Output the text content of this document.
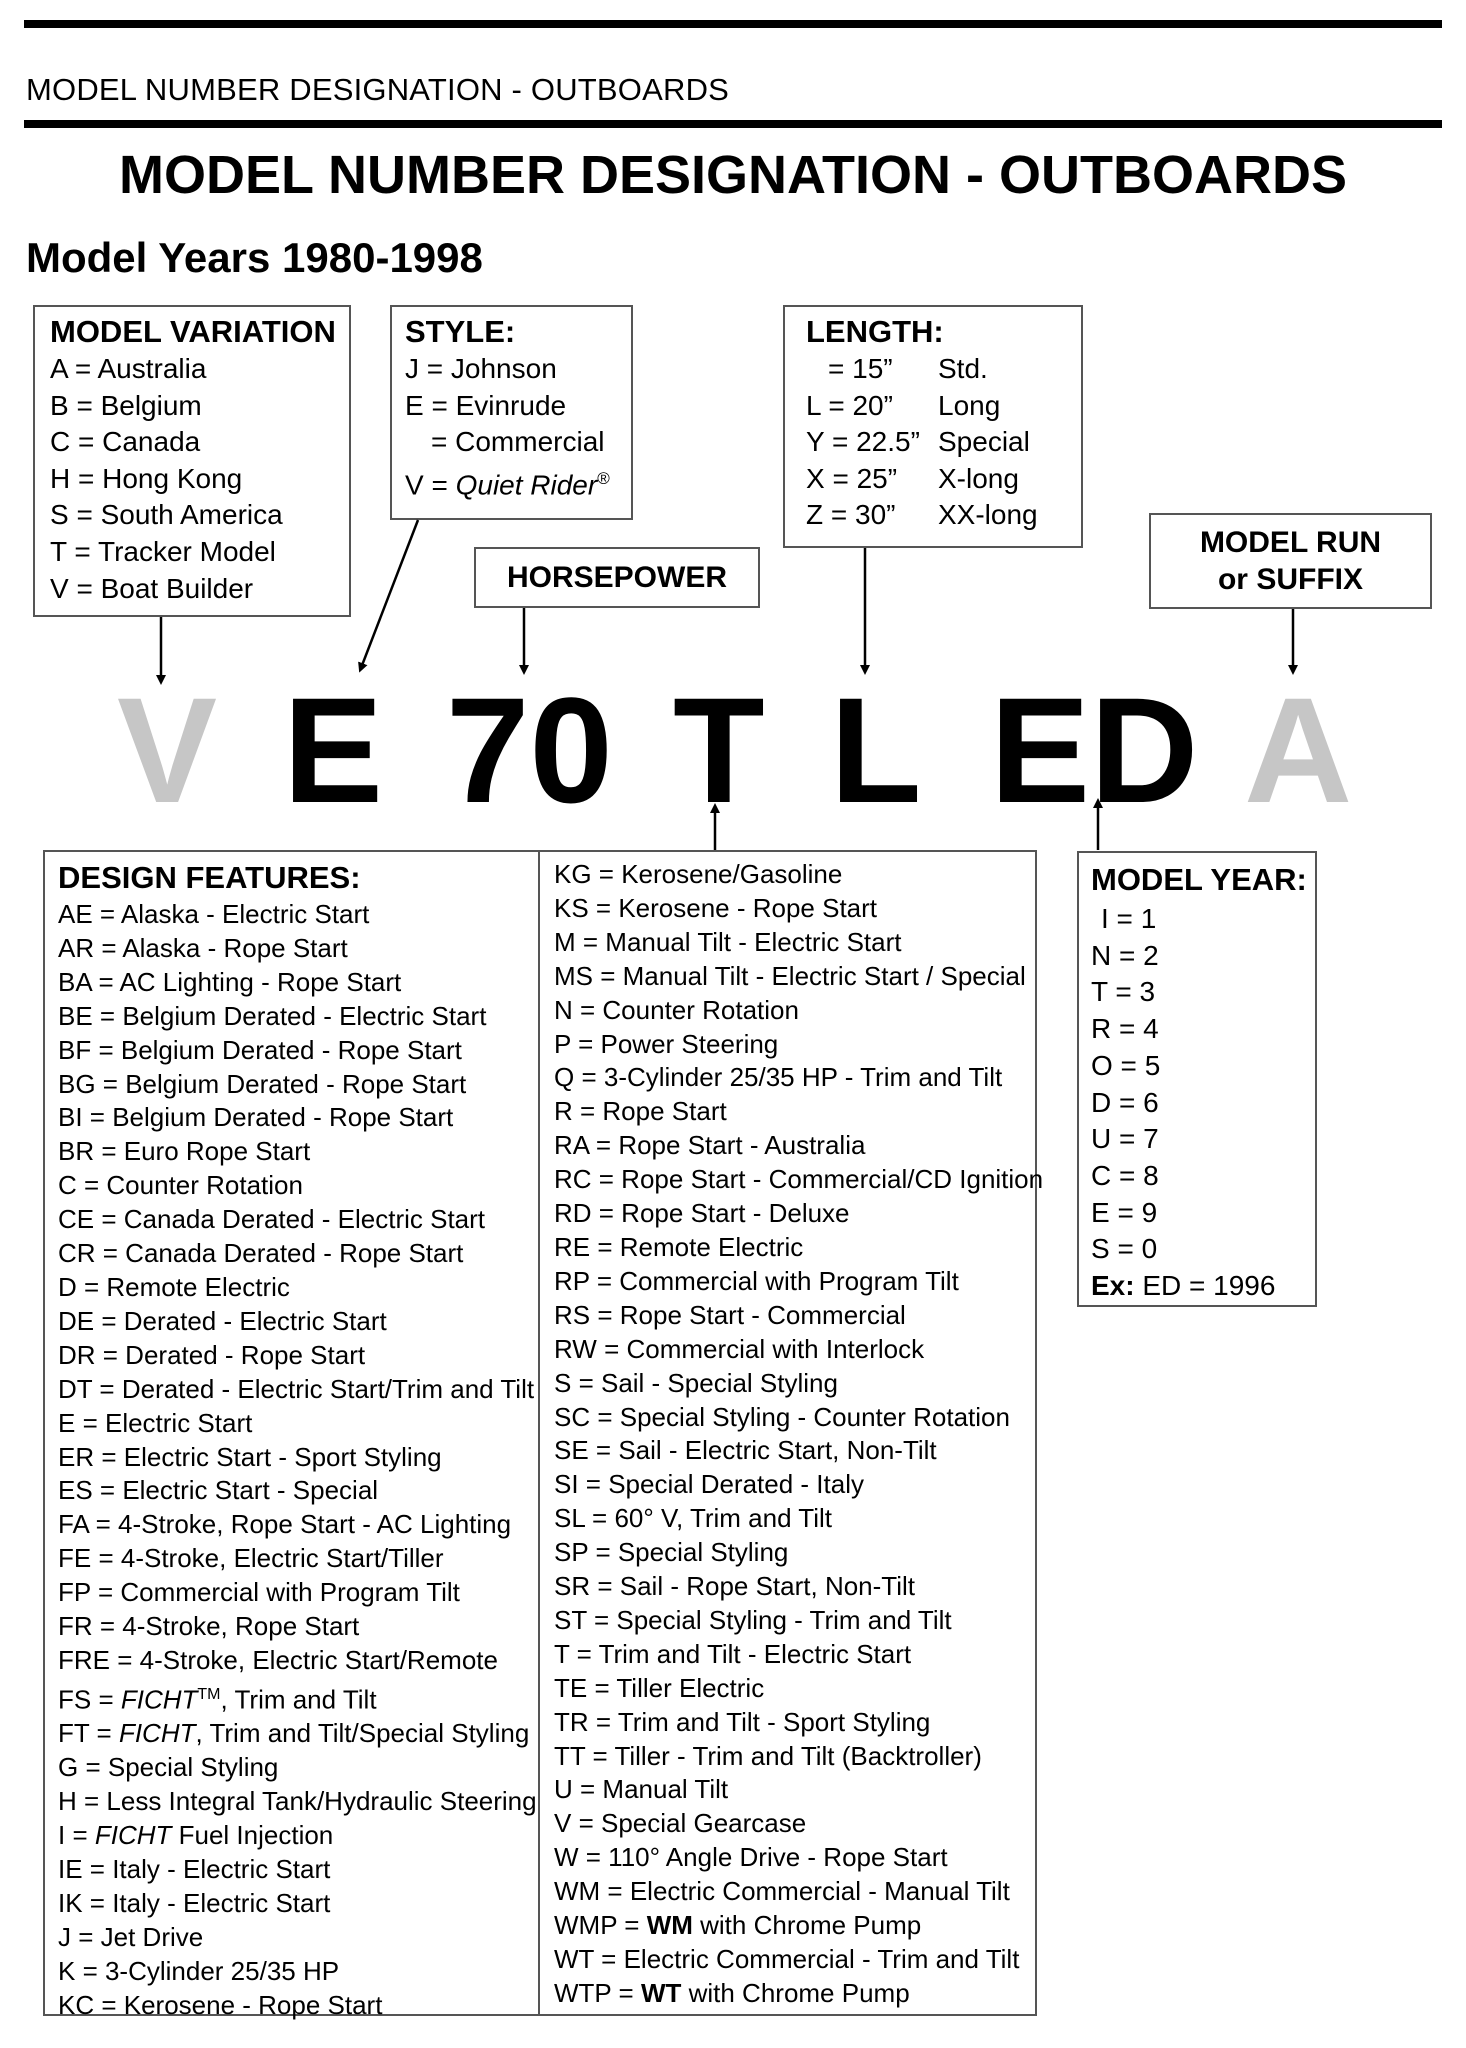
MODEL NUMBER DESIGNATION - OUTBOARDS
MODEL NUMBER DESIGNATION - OUTBOARDS
Model Years 1980-1998
MODEL VARIATION
A = Australia
B = Belgium
C = Canada
H = Hong Kong
S = South America
T = Tracker Model
V = Boat Builder
STYLE:
J = Johnson
E = Evinrude
= Commercial
V = Quiet Rider®
LENGTH:
= 15”	Std.
L = 20”	Long
Y = 22.5” Special
X = 25”	X-long
Z = 30”	XX-long
HORSEPOWER
MODEL RUN
or SUFFIX
V E 70 T L ED A
DESIGN FEATURES:
AE = Alaska - Electric Start
AR = Alaska - Rope Start
BA = AC Lighting - Rope Start
BE = Belgium Derated - Electric Start
BF = Belgium Derated - Rope Start
BG = Belgium Derated - Rope Start
BI = Belgium Derated - Rope Start
BR = Euro Rope Start
C = Counter Rotation
CE = Canada Derated - Electric Start
CR = Canada Derated - Rope Start
D = Remote Electric
DE = Derated - Electric Start
DR = Derated - Rope Start
DT = Derated - Electric Start/Trim and Tilt
E = Electric Start
ER = Electric Start - Sport Styling
ES = Electric Start - Special
FA = 4-Stroke, Rope Start - AC Lighting
FE = 4-Stroke, Electric Start/Tiller
FP = Commercial with Program Tilt
FR = 4-Stroke, Rope Start
FRE = 4-Stroke, Electric Start/Remote
FS = FICHT™, Trim and Tilt
FT = FICHT, Trim and Tilt/Special Styling
G = Special Styling
H = Less Integral Tank/Hydraulic Steering
I = FICHT Fuel Injection
IE = Italy - Electric Start
IK = Italy - Electric Start
J = Jet Drive
K = 3-Cylinder 25/35 HP
KC = Kerosene - Rope Start
KG = Kerosene/Gasoline
KS = Kerosene - Rope Start
M = Manual Tilt - Electric Start
MS = Manual Tilt - Electric Start / Special
N = Counter Rotation
P = Power Steering
Q = 3-Cylinder 25/35 HP - Trim and Tilt
R = Rope Start
RA = Rope Start - Australia
RC = Rope Start - Commercial/CD Ignition
RD = Rope Start - Deluxe
RE = Remote Electric
RP = Commercial with Program Tilt
RS = Rope Start - Commercial
RW = Commercial with Interlock
S = Sail - Special Styling
SC = Special Styling - Counter Rotation
SE = Sail - Electric Start, Non-Tilt
SI = Special Derated - Italy
SL = 60° V, Trim and Tilt
SP = Special Styling
SR = Sail - Rope Start, Non-Tilt
ST = Special Styling - Trim and Tilt
T = Trim and Tilt - Electric Start
TE = Tiller Electric
TR = Trim and Tilt - Sport Styling
TT = Tiller - Trim and Tilt (Backtroller)
U = Manual Tilt
V = Special Gearcase
W = 110° Angle Drive - Rope Start
WM = Electric Commercial - Manual Tilt
WMP = WM with Chrome Pump
WT = Electric Commercial - Trim and Tilt
WTP = WT with Chrome Pump
MODEL YEAR:
I = 1
N = 2
T = 3
R = 4
O = 5
D = 6
U = 7
C = 8
E = 9
S = 0
Ex: ED = 1996
